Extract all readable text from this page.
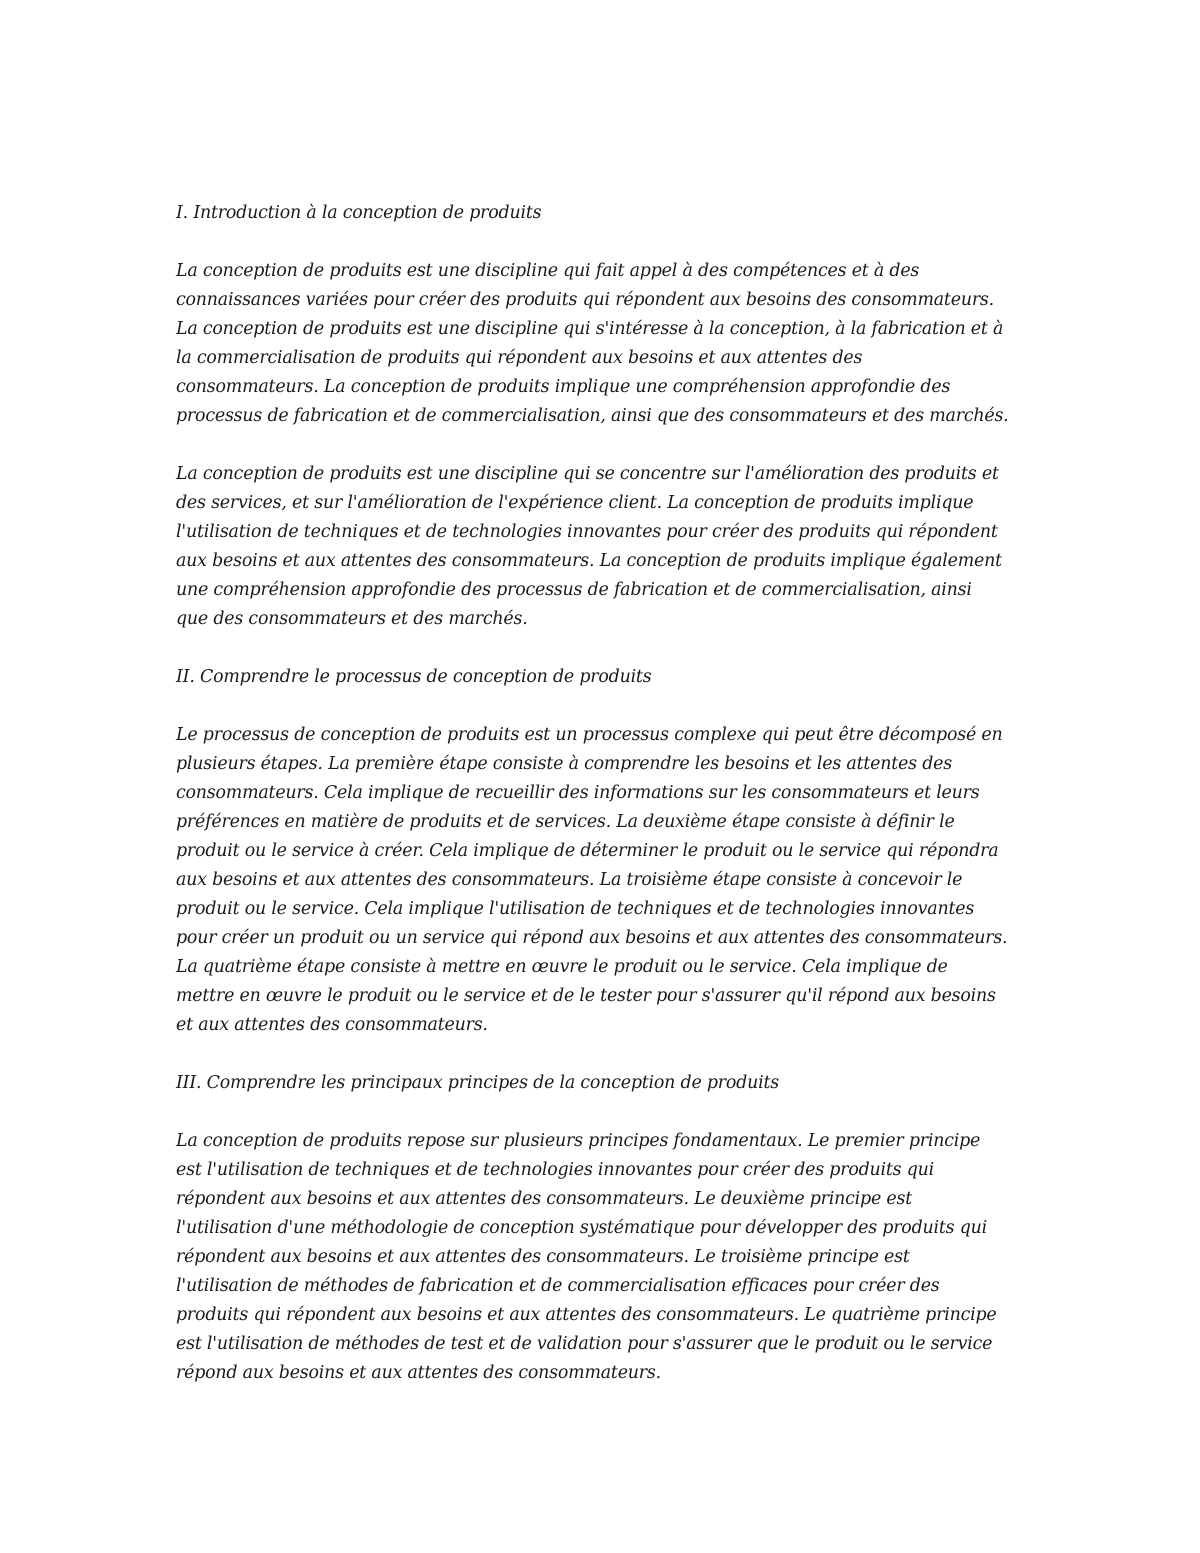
I. Introduction à la conception de produits
La conception de produits est une discipline qui fait appel à des compétences et à des
connaissances variées pour créer des produits qui répondent aux besoins des consommateurs.
La conception de produits est une discipline qui s'intéresse à la conception, à la fabrication et à
la commercialisation de produits qui répondent aux besoins et aux attentes des
consommateurs. La conception de produits implique une compréhension approfondie des
processus de fabrication et de commercialisation, ainsi que des consommateurs et des marchés.
La conception de produits est une discipline qui se concentre sur l'amélioration des produits et
des services, et sur l'amélioration de l'expérience client. La conception de produits implique
l'utilisation de techniques et de technologies innovantes pour créer des produits qui répondent
aux besoins et aux attentes des consommateurs. La conception de produits implique également
une compréhension approfondie des processus de fabrication et de commercialisation, ainsi
que des consommateurs et des marchés.
II. Comprendre le processus de conception de produits
Le processus de conception de produits est un processus complexe qui peut être décomposé en
plusieurs étapes. La première étape consiste à comprendre les besoins et les attentes des
consommateurs. Cela implique de recueillir des informations sur les consommateurs et leurs
préférences en matière de produits et de services. La deuxième étape consiste à définir le
produit ou le service à créer. Cela implique de déterminer le produit ou le service qui répondra
aux besoins et aux attentes des consommateurs. La troisième étape consiste à concevoir le
produit ou le service. Cela implique l'utilisation de techniques et de technologies innovantes
pour créer un produit ou un service qui répond aux besoins et aux attentes des consommateurs.
La quatrième étape consiste à mettre en œuvre le produit ou le service. Cela implique de
mettre en œuvre le produit ou le service et de le tester pour s'assurer qu'il répond aux besoins
et aux attentes des consommateurs.
III. Comprendre les principaux principes de la conception de produits
La conception de produits repose sur plusieurs principes fondamentaux. Le premier principe
est l'utilisation de techniques et de technologies innovantes pour créer des produits qui
répondent aux besoins et aux attentes des consommateurs. Le deuxième principe est
l'utilisation d'une méthodologie de conception systématique pour développer des produits qui
répondent aux besoins et aux attentes des consommateurs. Le troisième principe est
l'utilisation de méthodes de fabrication et de commercialisation efficaces pour créer des
produits qui répondent aux besoins et aux attentes des consommateurs. Le quatrième principe
est l'utilisation de méthodes de test et de validation pour s'assurer que le produit ou le service
répond aux besoins et aux attentes des consommateurs.
